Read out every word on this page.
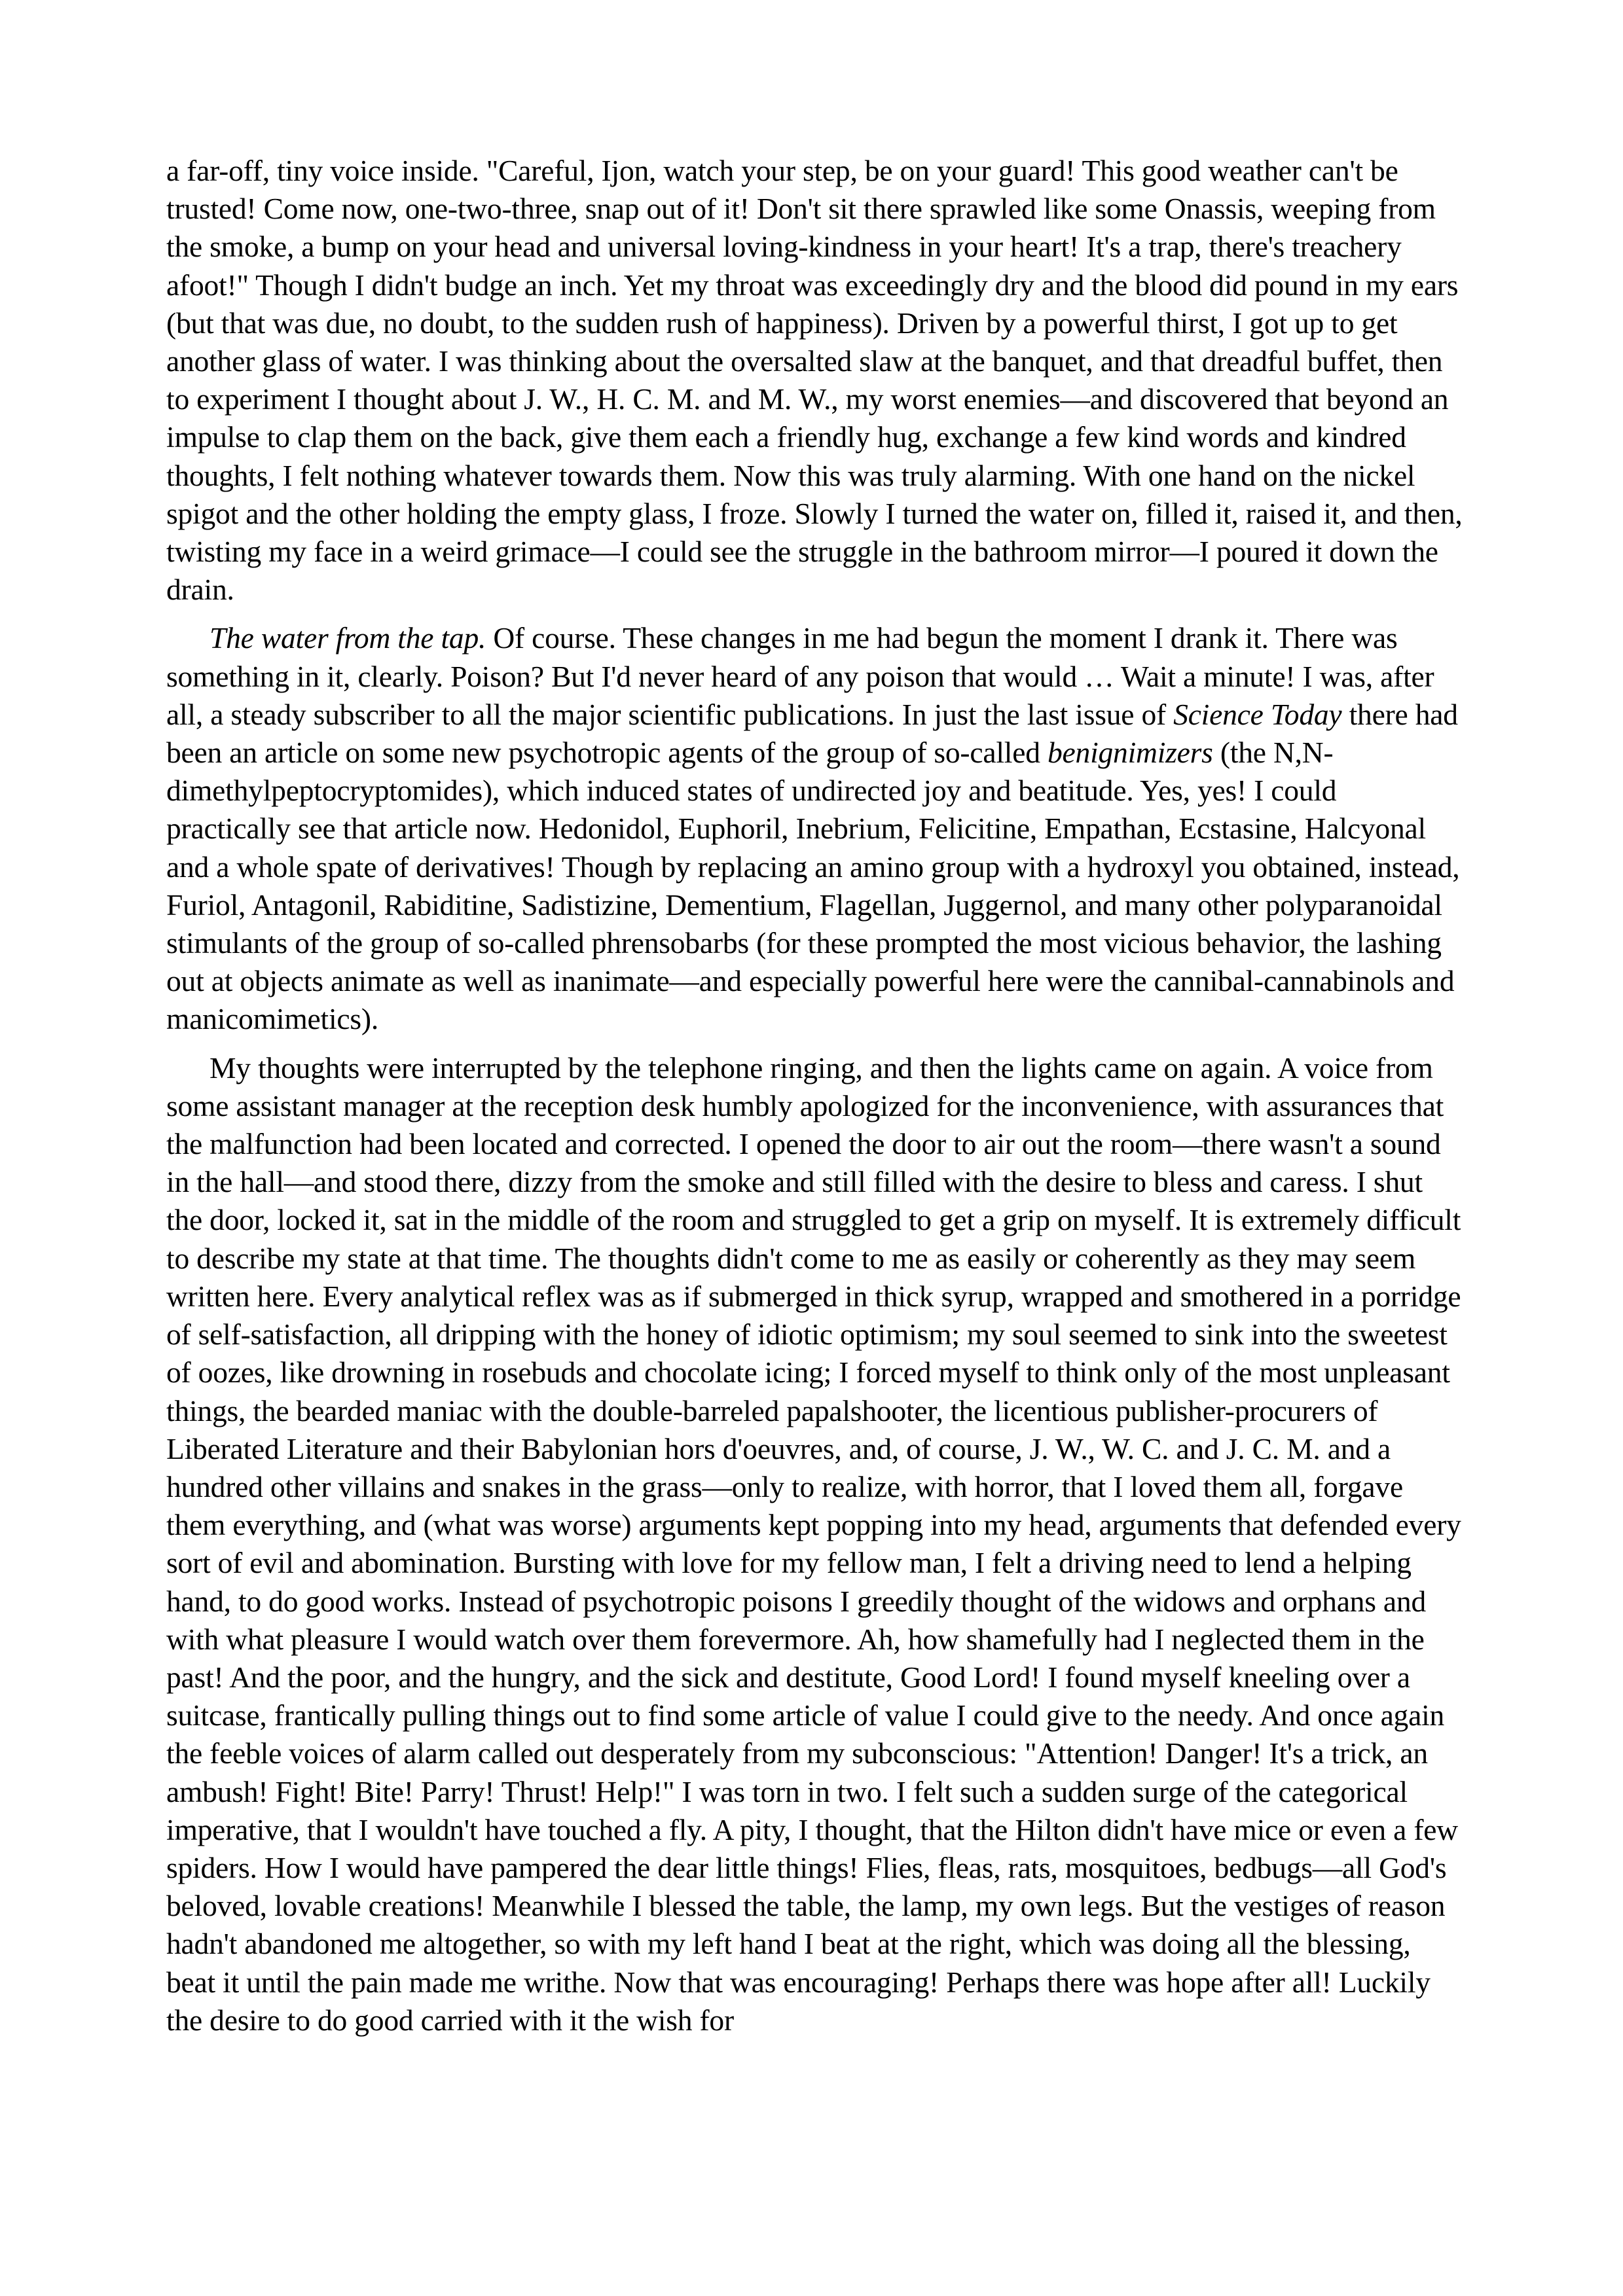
a far-off, tiny voice inside. "Careful, Ijon, watch your step, be on your guard! This good weather can't be trusted! Come now, one-two-three, snap out of it! Don't sit there sprawled like some Onassis, weeping from the smoke, a bump on your head and universal loving-kindness in your heart! It's a trap, there's treachery afoot!" Though I didn't budge an inch. Yet my throat was exceedingly dry and the blood did pound in my ears (but that was due, no doubt, to the sudden rush of happiness). Driven by a powerful thirst, I got up to get another glass of water. I was thinking about the oversalted slaw at the banquet, and that dreadful buffet, then to experiment I thought about J. W., H. C. M. and M. W., my worst enemies—and discovered that beyond an impulse to clap them on the back, give them each a friendly hug, exchange a few kind words and kindred thoughts, I felt nothing whatever towards them. Now this was truly alarming. With one hand on the nickel spigot and the other holding the empty glass, I froze. Slowly I turned the water on, filled it, raised it, and then, twisting my face in a weird grimace—I could see the struggle in the bathroom mirror—I poured it down the drain.

The water from the tap. Of course. These changes in me had begun the moment I drank it. There was something in it, clearly. Poison? But I'd never heard of any poison that would … Wait a minute! I was, after all, a steady subscriber to all the major scientific publications. In just the last issue of Science Today there had been an article on some new psychotropic agents of the group of so-called benignimizers (the N,N-dimethylpeptocryptomides), which induced states of undirected joy and beatitude. Yes, yes! I could practically see that article now. Hedonidol, Euphoril, Inebrium, Felicitine, Empathan, Ecstasine, Halcyonal and a whole spate of derivatives! Though by replacing an amino group with a hydroxyl you obtained, instead, Furiol, Antagonil, Rabiditine, Sadistizine, Dementium, Flagellan, Juggernol, and many other polyparanoidal stimulants of the group of so-called phrensobarbs (for these prompted the most vicious behavior, the lashing out at objects animate as well as inanimate—and especially powerful here were the cannibal-cannabinols and manicomimetics).

My thoughts were interrupted by the telephone ringing, and then the lights came on again. A voice from some assistant manager at the reception desk humbly apologized for the inconvenience, with assurances that the malfunction had been located and corrected. I opened the door to air out the room—there wasn't a sound in the hall—and stood there, dizzy from the smoke and still filled with the desire to bless and caress. I shut the door, locked it, sat in the middle of the room and struggled to get a grip on myself. It is extremely difficult to describe my state at that time. The thoughts didn't come to me as easily or coherently as they may seem written here. Every analytical reflex was as if submerged in thick syrup, wrapped and smothered in a porridge of self-satisfaction, all dripping with the honey of idiotic optimism; my soul seemed to sink into the sweetest of oozes, like drowning in rosebuds and chocolate icing; I forced myself to think only of the most unpleasant things, the bearded maniac with the double-barreled papalshooter, the licentious publisher-procurers of Liberated Literature and their Babylonian hors d'oeuvres, and, of course, J. W., W. C. and J. C. M. and a hundred other villains and snakes in the grass—only to realize, with horror, that I loved them all, forgave them everything, and (what was worse) arguments kept popping into my head, arguments that defended every sort of evil and abomination. Bursting with love for my fellow man, I felt a driving need to lend a helping hand, to do good works. Instead of psychotropic poisons I greedily thought of the widows and orphans and with what pleasure I would watch over them forevermore. Ah, how shamefully had I neglected them in the past! And the poor, and the hungry, and the sick and destitute, Good Lord! I found myself kneeling over a suitcase, frantically pulling things out to find some article of value I could give to the needy. And once again the feeble voices of alarm called out desperately from my subconscious: "Attention! Danger! It's a trick, an ambush! Fight! Bite! Parry! Thrust! Help!" I was torn in two. I felt such a sudden surge of the categorical imperative, that I wouldn't have touched a fly. A pity, I thought, that the Hilton didn't have mice or even a few spiders. How I would have pampered the dear little things! Flies, fleas, rats, mosquitoes, bedbugs—all God's beloved, lovable creations! Meanwhile I blessed the table, the lamp, my own legs. But the vestiges of reason hadn't abandoned me altogether, so with my left hand I beat at the right, which was doing all the blessing, beat it until the pain made me writhe. Now that was encouraging! Perhaps there was hope after all! Luckily the desire to do good carried with it the wish for
